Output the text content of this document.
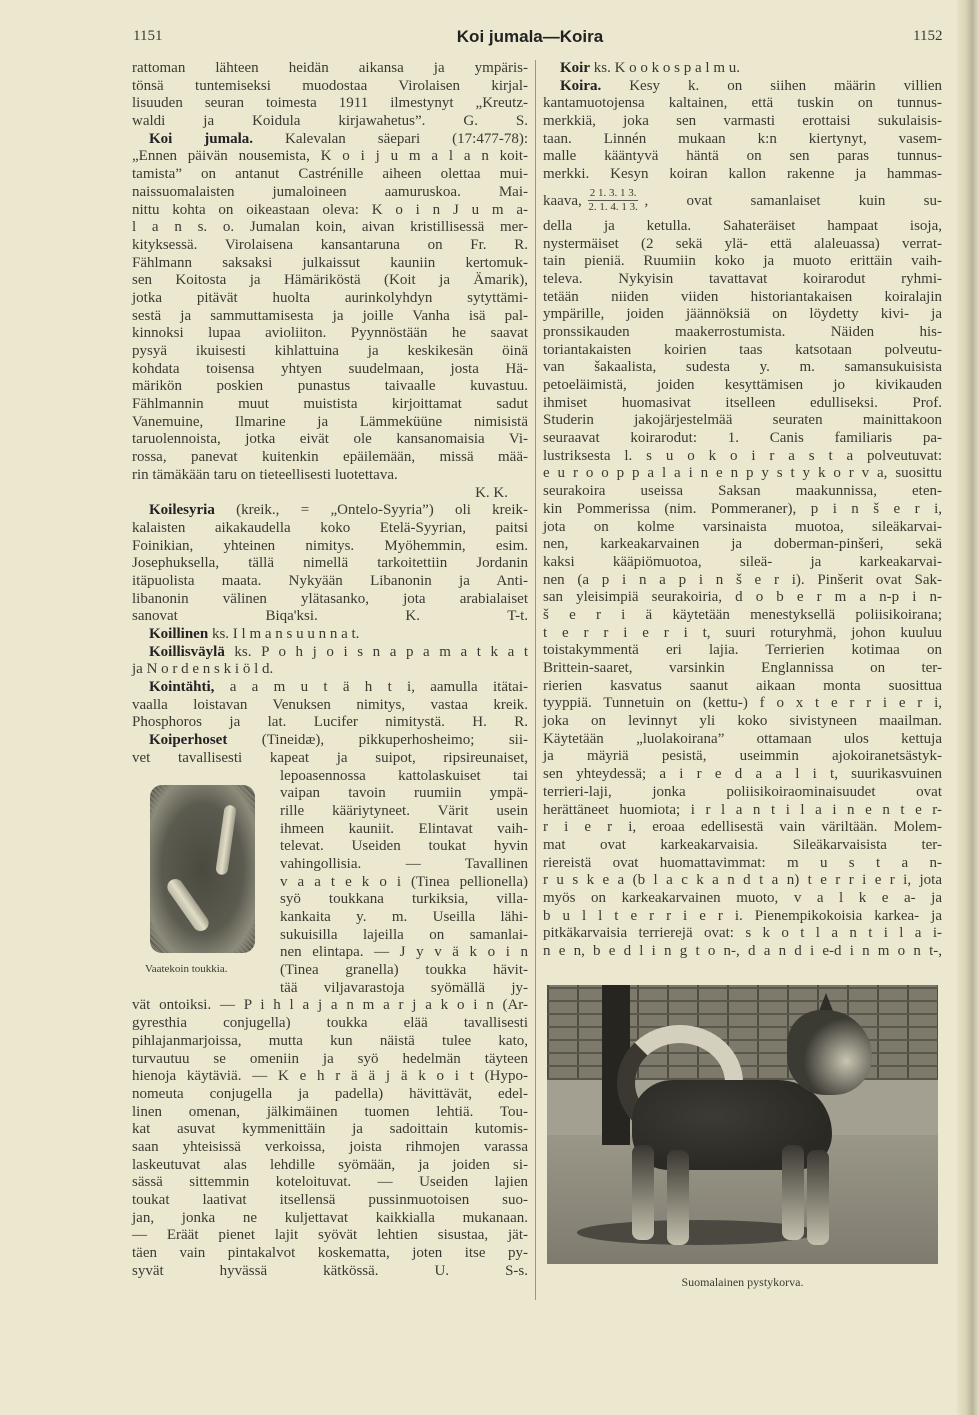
1151	Koi jumala—Koira	1152
rattoman lähteen heidän aikansa ja ympäris-
tönsä tuntemiseksi muodostaa Virolaisen kirjal-
lisuuden seuran toimesta 1911 ilmestynyt „Kreutz-
waldi ja Koidula kirjawahetus”. G. S.
Koi jumala. Kalevalan säepari (17:477-78):
„Ennen päivän nousemista, K o i j u m a l a n koit-
tamista” on antanut Castrénille aiheen olettaa mui-
naissuomalaisten jumaloineen aamuruskoa. Mai-
nittu kohta on oikeastaan oleva: K o i n J u m a-
l a n s. o. Jumalan koin, aivan kristillisessä mer-
kityksessä. Virolaisena kansantaruna on Fr. R.
Fählmann saksaksi julkaissut kauniin kertomuk-
sen Koitosta ja Hämäriköstä (Koit ja Ämarik),
jotka pitävät huolta aurinkolyhdyn sytyttämi-
sestä ja sammuttamisesta ja joille Vanha isä pal-
kinnoksi lupaa avioliiton. Pyynnöstään he saavat
pysyä ikuisesti kihlattuina ja keskikesän öinä
kohdata toisensa yhtyen suudelmaan, josta Hä-
märikön poskien punastus taivaalle kuvastuu.
Fählmannin muut muistista kirjoittamat sadut
Vanemuine, Ilmarine ja Lämmeküüne nimisistä
taruolennoista, jotka eivät ole kansanomaisia Vi-
rossa, panevat kuitenkin epäilemään, missä mää-
rin tämäkään taru on tieteellisesti luotettava.
K. K.
Koilesyria (kreik., = „Ontelo-Syyria”) oli kreik-
kalaisten aikakaudella koko Etelä-Syyrian, paitsi
Foinikian, yhteinen nimitys. Myöhemmin, esim.
Josephuksella, tällä nimellä tarkoitettiin Jordanin
itäpuolista maata. Nykyään Libanonin ja Anti-
libanonin välinen ylätasanko, jota arabialaiset
sanovat Biqa'ksi. K. T-t.
Koillinen ks. I l m a n s u u n n a t.
Koillisväylä ks. P o h j o i s n a p a m a t k a t
ja N o r d e n s k i ö l d.
Kointähti, a a m u t ä h t i, aamulla itätai-
vaalla loistavan Venuksen nimitys, vastaa kreik.
Phosphoros ja lat. Lucifer nimitystä. H. R.
Koiperhoset (Tineidæ), pikkuperhosheimo; sii-
vet tavallisesti kapeat ja suipot, ripsireunaiset,
lepoasennossa kattolaskuiset tai
vaipan tavoin ruumiin ympä-
rille kääriytyneet. Värit usein
ihmeen kauniit. Elintavat vaih-
televat. Useiden toukat hyvin
vahingollisia. — Tavallinen
v a a t e k o i (Tinea pellionella)
syö toukkana turkiksia, villa-
kankaita y. m. Useilla lähi-
sukuisilla lajeilla on samanlai-
nen elintapa. — J y v ä k o i n
(Tinea granella) toukka hävit-
tää viljavarastoja syömällä jy-
vät ontoiksi. — P i h l a j a n m a r j a k o i n (Ar-
gyresthia conjugella) toukka elää tavallisesti
pihlajanmarjoissa, mutta kun näistä tulee kato,
turvautuu se omeniin ja syö hedelmän täyteen
hienoja käytäviä. — K e h r ä ä j ä k o i t (Hypo-
nomeuta conjugella ja padella) hävittävät, edel-
linen omenan, jälkimäinen tuomen lehtiä. Tou-
kat asuvat kymmenittäin ja sadoittain kutomis-
saan yhteisissä verkoissa, joista rihmojen varassa
laskeutuvat alas lehdille syömään, ja joiden si-
sässä sittemmin koteloituvat. — Useiden lajien
toukat laativat itsellensä pussinmuotoisen suo-
jan, jonka ne kuljettavat kaikkialla mukanaan.
— Eräät pienet lajit syövät lehtien sisustaa, jät-
täen vain pintakalvot koskematta, joten itse py-
syvät hyvässä kätkössä. U. S-s.
Koir ks. K o o k o s p a l m u.
Koira. Kesy k. on siihen määrin villien
kantamuotojensa kaltainen, että tuskin on tunnus-
merkkiä, joka sen varmasti erottaisi sukulaisis-
taan. Linnén mukaan k:n kiertynyt, vasem-
malle kääntyvä häntä on sen paras tunnus-
merkki. Kesyn koiran kallon rakenne ja hammas-
kaava, $\frac{2 1. 3. 1 3.}{2. 1. 4. 1 3.}$ , ovat samanlaiset kuin su-
della ja ketulla. Sahateräiset hampaat isoja,
nystermäiset (2 sekä ylä- että alaleuassa) verrat-
tain pieniä. Ruumiin koko ja muoto erittäin vaih-
televa. Nykyisin tavattavat koirarodut ryhmi-
tetään niiden viiden historiantakaisen koiralajin
ympärille, joiden jäännöksiä on löydetty kivi- ja
pronssikauden maakerrostumista. Näiden his-
toriantakaisten koirien taas katsotaan polveutu-
van šakaalista, sudesta y. m. samansukuisista
petoeläimistä, joiden kesyttämisen jo kivikauden
ihmiset huomasivat itselleen edulliseksi. Prof.
Studerin jakojärjestelmää seuraten mainittakoon
seuraavat koirarodut: 1. Canis familiaris pa-
lustriksesta l. s u o k o i r a s t a polveutuvat:
e u r o o p p a l a i n e n p y s t y k o r v a, suosittu
seurakoira useissa Saksan maakunnissa, eten-
kin Pommerissa (nim. Pommeraner), p i n š e r i,
jota on kolme varsinaista muotoa, sileäkarvai-
nen, karkeakarvainen ja doberman-pinšeri, sekä
kaksi kääpiömuotoa, sileä- ja karkeakarvai-
nen (a p i n a p i n š e r i). Pinšerit ovat Sak-
san yleisimpiä seurakoiria, d o b e r m a n-p i n-
š e r i ä käytetään menestyksellä poliisikoirana;
t e r r i e r i t, suuri roturyhmä, johon kuuluu
toistakymmentä eri lajia. Terrierien kotimaa on
Brittein-saaret, varsinkin Englannissa on ter-
rierien kasvatus saanut aikaan monta suosittua
tyyppiä. Tunnetuin on (kettu-) f o x t e r r i e r i,
joka on levinnyt yli koko sivistyneen maailman.
Käytetään „luolakoirana” ottamaan ulos kettuja
ja mäyriä pesistä, useimmin ajokoiranetsästyk-
sen yhteydessä; a i r e d a a l i t, suurikasvuinen
terrieri-laji, jonka poliisikoiraominaisuudet ovat
herättäneet huomiota; i r l a n t i l a i n e n t e r-
r i e r i, eroaa edellisestä vain väriltään. Molem-
mat ovat karkeakarvaisia. Sileäkarvaisista ter-
riereistä ovat huomattavimmat: m u s t a n-
r u s k e a (b l a c k a n d t a n) t e r r i e r i, jota
myös on karkeakarvainen muoto, v a l k e a- ja
b u l l t e r r i e r i. Pienempikokoisia karkea- ja
pitkäkarvaisia terrierejä ovat: s k o t l a n t i l a i-
n e n, b e d l i n g t o n-, d a n d i e-d i n m o n t-,
Vaatekoin toukkia.
Suomalainen pystykorva.
